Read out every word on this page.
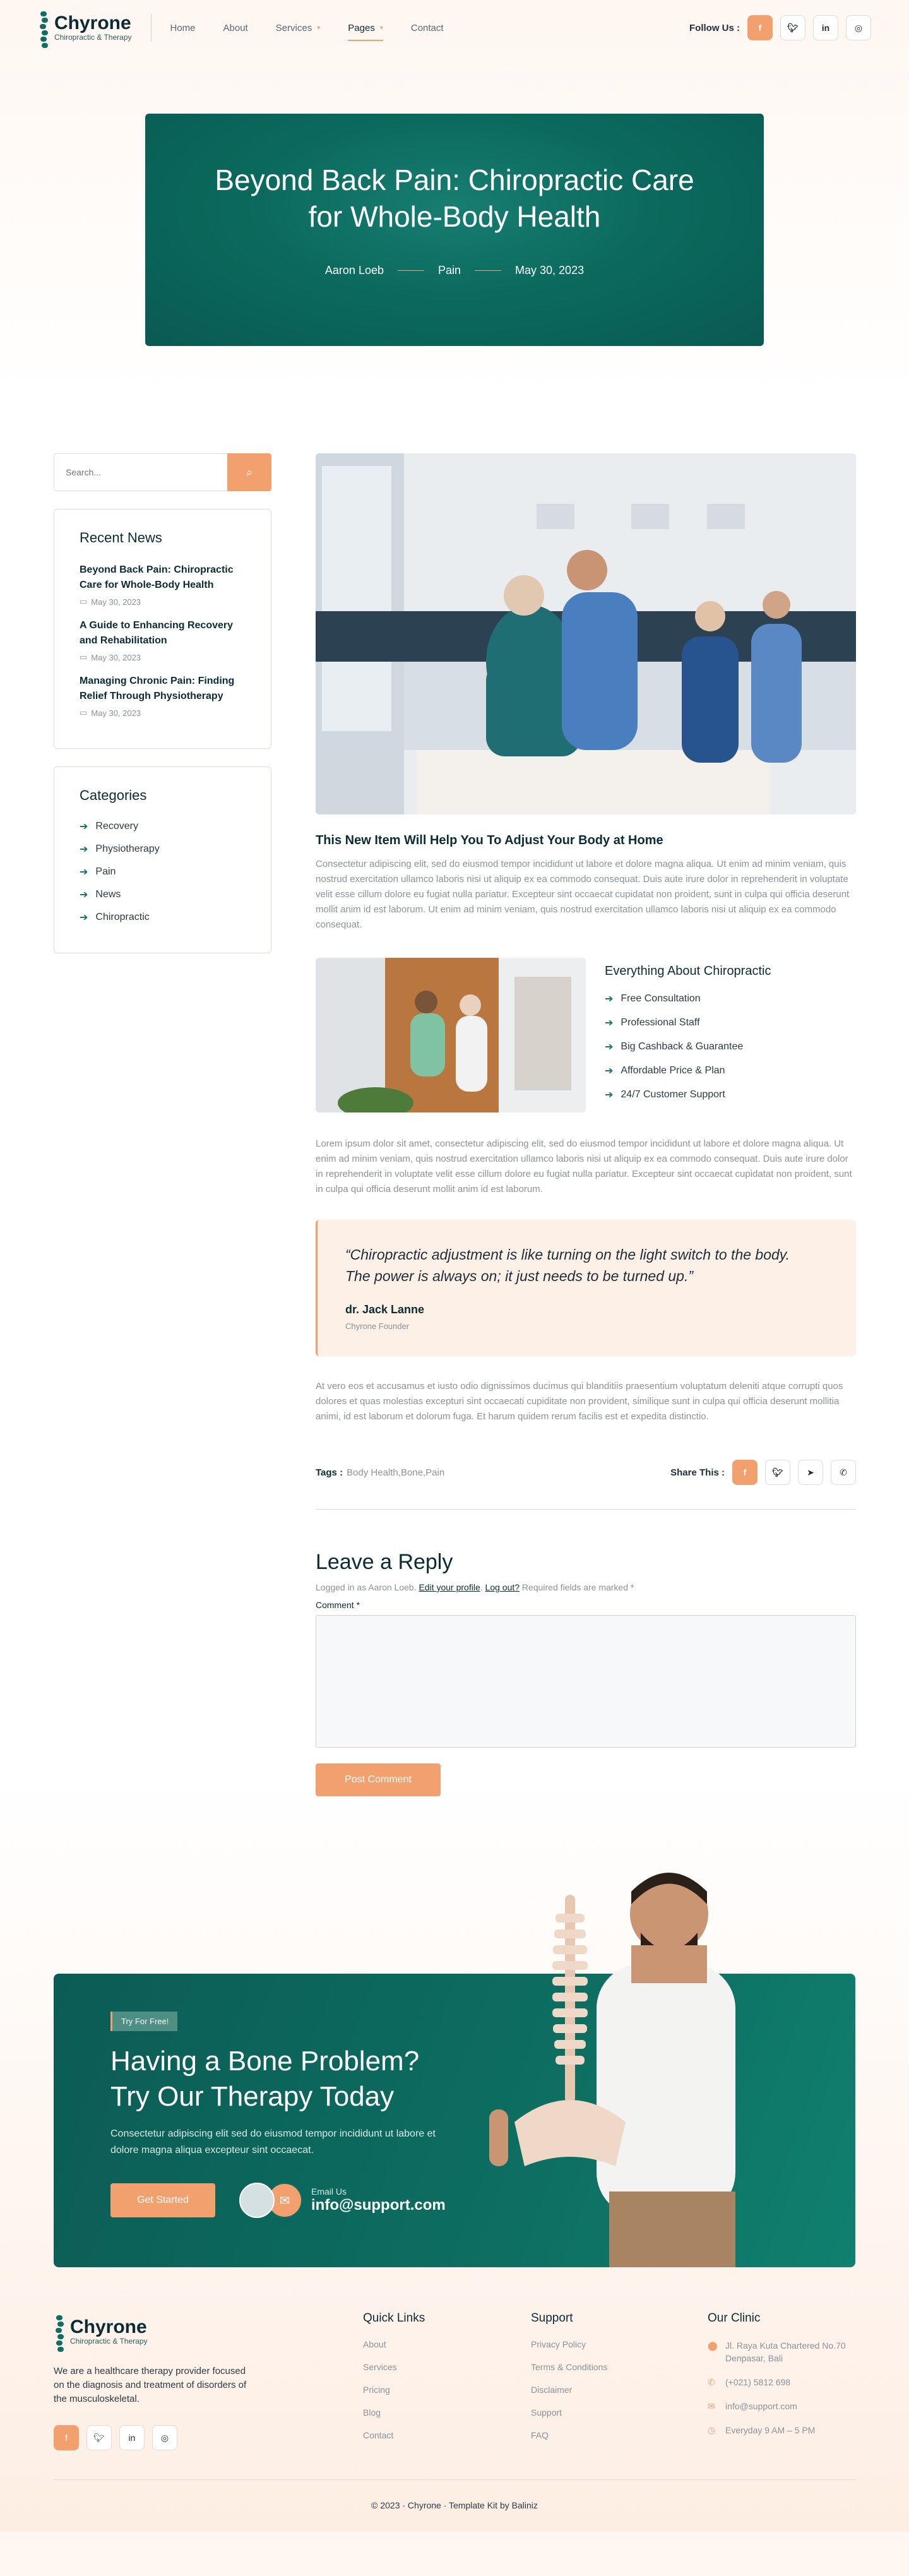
Chyrone
Chiropractic & Therapy
Home	About	Services ▾	Pages ▾	Contact	Follow Us :	f	🐦︎	in	◎
Beyond Back Pain: Chiropractic Care for Whole-Body Health
Aaron Loeb	Pain	May 30, 2023
Search...
⌕
Recent News
Beyond Back Pain: Chiropractic Care for Whole-Body Health
▭ May 30, 2023
A Guide to Enhancing Recovery and Rehabilitation
▭ May 30, 2023
Managing Chronic Pain: Finding Relief Through Physiotherapy
▭ May 30, 2023
Categories
➔ Recovery
➔ Physiotherapy
➔ Pain
➔ News
➔ Chiropractic
This New Item Will Help You To Adjust Your Body at Home

Consectetur adipiscing elit, sed do eiusmod tempor incididunt ut labore et dolore magna aliqua. Ut enim ad minim veniam, quis nostrud exercitation ullamco laboris nisi ut aliquip ex ea commodo consequat. Duis aute irure dolor in reprehenderit in voluptate velit esse cillum dolore eu fugiat nulla pariatur. Excepteur sint occaecat cupidatat non proident, sunt in culpa qui officia deserunt mollit anim id est laborum. Ut enim ad minim veniam, quis nostrud exercitation ullamco laboris nisi ut aliquip ex ea commodo consequat.

Everything About Chiropractic
➔ Free Consultation
➔ Professional Staff
➔ Big Cashback & Guarantee
➔ Affordable Price & Plan
➔ 24/7 Customer Support

Lorem ipsum dolor sit amet, consectetur adipiscing elit, sed do eiusmod tempor incididunt ut labore et dolore magna aliqua. Ut enim ad minim veniam, quis nostrud exercitation ullamco laboris nisi ut aliquip ex ea commodo consequat. Duis aute irure dolor in reprehenderit in voluptate velit esse cillum dolore eu fugiat nulla pariatur. Excepteur sint occaecat cupidatat non proident, sunt in culpa qui officia deserunt mollit anim id est laborum.

“Chiropractic adjustment is like turning on the light switch to the body. The power is always on; it just needs to be turned up.”
dr. Jack Lanne
Chyrone Founder

At vero eos et accusamus et iusto odio dignissimos ducimus qui blanditiis praesentium voluptatum deleniti atque corrupti quos dolores et quas molestias excepturi sint occaecati cupiditate non provident, similique sunt in culpa qui officia deserunt mollitia animi, id est laborum et dolorum fuga. Et harum quidem rerum facilis est et expedita distinctio.

Tags : Body Health,Bone,Pain	Share This :	f	🐦︎	➤	✆
Leave a Reply
Logged in as Aaron Loeb. Edit your profile. Log out? Required fields are marked *
Comment *
Post Comment
Try For Free!
Having a Bone Problem?
Try Our Therapy Today

Consectetur adipiscing elit sed do eiusmod tempor incididunt ut labore et dolore magna aliqua excepteur sint occaecat.

Get Started	✉
Email Us
info@support.com
Chyrone
Chiropractic & Therapy

We are a healthcare therapy provider focused on the diagnosis and treatment of disorders of the musculoskeletal.

f	🐦︎	in	◎
Quick Links
About
Services
Pricing
Blog
Contact
Support
Privacy Policy
Terms & Conditions
Disclaimer
Support
FAQ
Our Clinic
⬤ Jl. Raya Kuta Chartered No.70 Denpasar, Bali
✆ (+021) 5812 698
✉ info@support.com
◷ Everyday 9 AM – 5 PM
© 2023 · Chyrone · Template Kit by Baliniz
